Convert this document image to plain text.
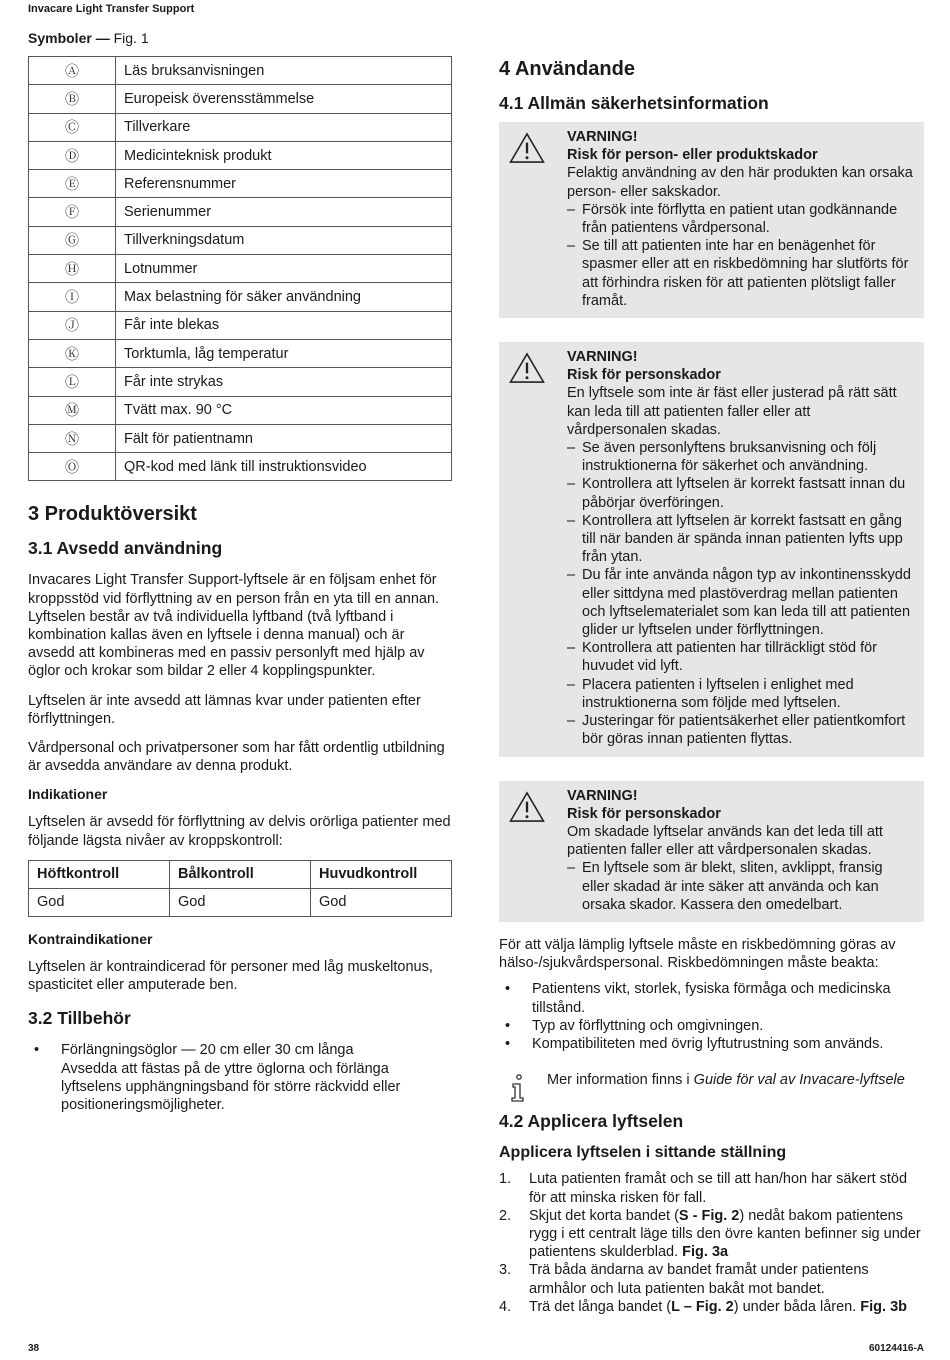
Invacare Light Transfer Support

Symboler — Fig. 1

Ⓐ	Läs bruksanvisningen
Ⓑ	Europeisk överensstämmelse
Ⓒ	Tillverkare
Ⓓ	Medicinteknisk produkt
Ⓔ	Referensnummer
Ⓕ	Serienummer
Ⓖ	Tillverkningsdatum
Ⓗ	Lotnummer
Ⓘ	Max belastning för säker användning
Ⓙ	Får inte blekas
Ⓚ	Torktumla, låg temperatur
Ⓛ	Får inte strykas
Ⓜ	Tvätt max. 90 °C
Ⓝ	Fält för patientnamn
Ⓞ	QR-kod med länk till instruktionsvideo
3 Produktöversikt
3.1 Avsedd användning

Invacares Light Transfer Support-lyftsele är en följsam enhet för kroppsstöd vid förflyttning av en person från en yta till en annan. Lyftselen består av två individuella lyftband (två lyftband i kombination kallas även en lyftsele i denna manual) och är avsedd att kombineras med en passiv personlyft med hjälp av öglor och krokar som bildar 2 eller 4 kopplingspunkter.

Lyftselen är inte avsedd att lämnas kvar under patienten efter förflyttningen.

Vårdpersonal och privatpersoner som har fått ordentlig utbildning är avsedda användare av denna produkt.

Indikationer

Lyftselen är avsedd för förflyttning av delvis orörliga patienter med följande lägsta nivåer av kroppskontroll:

Höftkontroll	Bålkontroll	Huvudkontroll
God	God	God

Kontraindikationer

Lyftselen är kontraindicerad för personer med låg muskeltonus, spasticitet eller amputerade ben.

3.2 Tillbehör
• Förlängningsöglor — 20 cm eller 30 cm långa
Avsedda att fästas på de yttre öglorna och förlänga lyftselens upphängningsband för större räckvidd eller positioneringsmöjligheter.
4 Användande
4.1 Allmän säkerhetsinformation
VARNING!
Risk för person- eller produktskador
Felaktig användning av den här produkten kan orsaka person- eller sakskador.
– Försök inte förflytta en patient utan godkännande från patientens vårdpersonal.
– Se till att patienten inte har en benägenhet för spasmer eller att en riskbedömning har slutförts för att förhindra risken för att patienten plötsligt faller framåt.
VARNING!
Risk för personskador
En lyftsele som inte är fäst eller justerad på rätt sätt kan leda till att patienten faller eller att vårdpersonalen skadas.
– Se även personlyftens bruksanvisning och följ instruktionerna för säkerhet och användning.
– Kontrollera att lyftselen är korrekt fastsatt innan du påbörjar överföringen.
– Kontrollera att lyftselen är korrekt fastsatt en gång till när banden är spända innan patienten lyfts upp från ytan.
– Du får inte använda någon typ av inkontinensskydd eller sittdyna med plastöverdrag mellan patienten och lyftselematerialet som kan leda till att patienten glider ur lyftselen under förflyttningen.
– Kontrollera att patienten har tillräckligt stöd för huvudet vid lyft.
– Placera patienten i lyftselen i enlighet med instruktionerna som följde med lyftselen.
– Justeringar för patientsäkerhet eller patientkomfort bör göras innan patienten flyttas.
VARNING!
Risk för personskador
Om skadade lyftselar används kan det leda till att patienten faller eller att vårdpersonalen skadas.
– En lyftsele som är blekt, sliten, avklippt, fransig eller skadad är inte säker att använda och kan orsaka skador. Kassera den omedelbart.

För att välja lämplig lyftsele måste en riskbedömning göras av hälso-/sjukvårdspersonal. Riskbedömningen måste beakta:

• Patientens vikt, storlek, fysiska förmåga och medicinska tillstånd.
• Typ av förflyttning och omgivningen.
• Kompatibiliteten med övrig lyftutrustning som används.
Mer information finns i Guide för val av Invacare-lyftsele
4.2 Applicera lyftselen

Applicera lyftselen i sittande ställning

1. Luta patienten framåt och se till att han/hon har säkert stöd för att minska risken för fall.
2. Skjut det korta bandet (S - Fig. 2) nedåt bakom patientens rygg i ett centralt läge tills den övre kanten befinner sig under patientens skulderblad. Fig. 3a
3. Trä båda ändarna av bandet framåt under patientens armhålor och luta patienten bakåt mot bandet.
4. Trä det långa bandet (L – Fig. 2) under båda låren. Fig. 3b
38	60124416-A
